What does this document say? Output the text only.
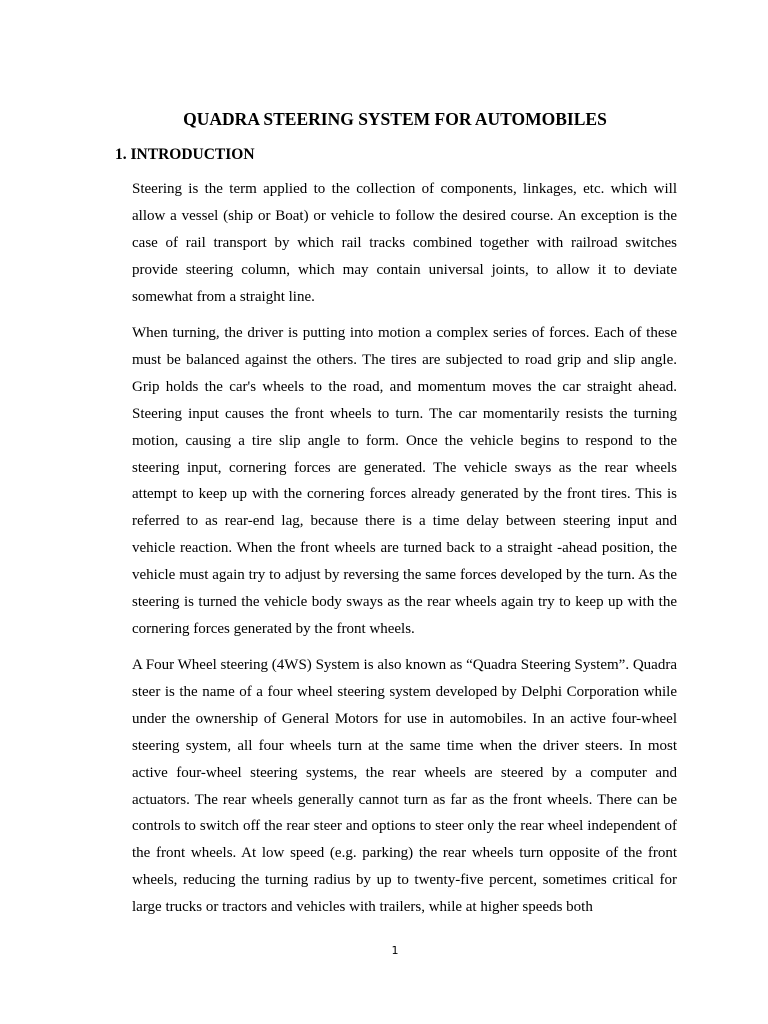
QUADRA STEERING SYSTEM FOR AUTOMOBILES
1. INTRODUCTION

Steering is the term applied to the collection of components, linkages, etc. which will allow a vessel (ship or Boat) or vehicle to follow the desired course. An exception is the case of rail transport by which rail tracks combined together with railroad switches provide steering column, which may contain universal joints, to allow it to deviate somewhat from a straight line.

When turning, the driver is putting into motion a complex series of forces. Each of these must be balanced against the others. The tires are subjected to road grip and slip angle. Grip holds the car's wheels to the road, and momentum moves the car straight ahead. Steering input causes the front wheels to turn. The car momentarily resists the turning motion, causing a tire slip angle to form. Once the vehicle begins to respond to the steering input, cornering forces are generated. The vehicle sways as the rear wheels attempt to keep up with the cornering forces already generated by the front tires. This is referred to as rear-end lag, because there is a time delay between steering input and vehicle reaction. When the front wheels are turned back to a straight -ahead position, the vehicle must again try to adjust by reversing the same forces developed by the turn. As the steering is turned the vehicle body sways as the rear wheels again try to keep up with the cornering forces generated by the front wheels.

A Four Wheel steering (4WS) System is also known as “Quadra Steering System”. Quadra steer is the name of a four wheel steering system developed by Delphi Corporation while under the ownership of General Motors for use in automobiles. In an active four-wheel steering system, all four wheels turn at the same time when the driver steers. In most active four-wheel steering systems, the rear wheels are steered by a computer and actuators. The rear wheels generally cannot turn as far as the front wheels. There can be controls to switch off the rear steer and options to steer only the rear wheel independent of the front wheels. At low speed (e.g. parking) the rear wheels turn opposite of the front wheels, reducing the turning radius by up to twenty-five percent, sometimes critical for large trucks or tractors and vehicles with trailers, while at higher speeds both

1
